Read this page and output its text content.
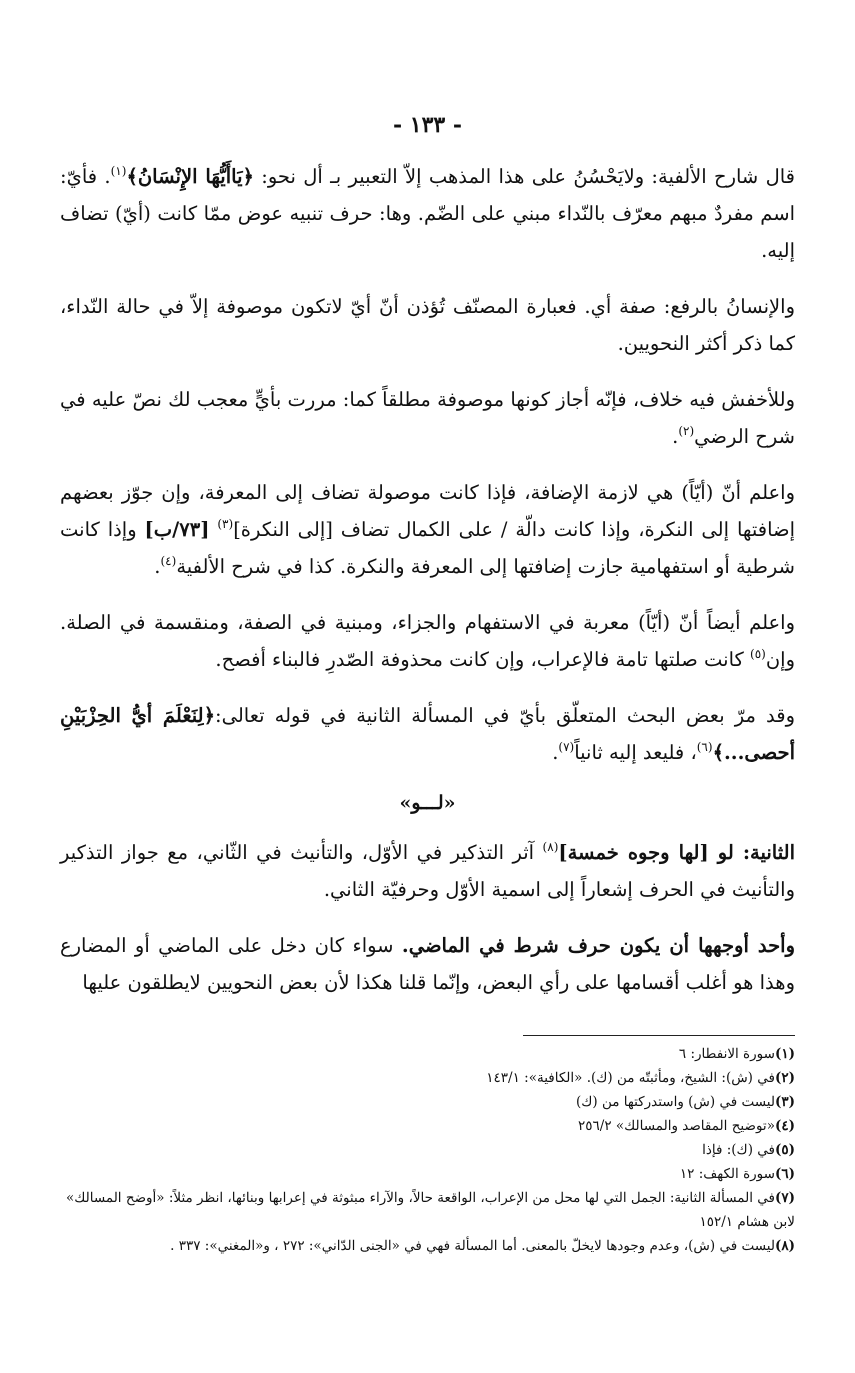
- ١٣٣ -

قال شارح الألفية: ولايَحْسُنُ على هذا المذهب إلاّ التعبير بـ أل نحو: ﴿يَاأَيُّهَا الإِنْسَانُ﴾$^{(١)}$. فأيّ: اسم مفردٌ مبهم معرّف بالنّداء مبني على الضّم. وها: حرف تنبيه عوض ممّا كانت (أيّ) تضاف إليه.

والإنسانُ بالرفع: صفة أي. فعبارة المصنّف تُؤذن أنّ أيّ لاتكون موصوفة إلاّ في حالة النّداء، كما ذكر أكثر النحويين.

وللأخفش فيه خلاف، فإنّه أجاز كونها موصوفة مطلقاً كما: مررت بأيٍّ معجب لك نصّ عليه في شرح الرضي$^{(٢)}$.

واعلم أنّ (أيّاً) هي لازمة الإضافة، فإذا كانت موصولة تضاف إلى المعرفة، وإن جوّز بعضهم إضافتها إلى النكرة، وإذا كانت دالّة / على الكمال تضاف [إلى النكرة]$^{(٣)}$ [٧٣/ب] وإذا كانت شرطية أو استفهامية جازت إضافتها إلى المعرفة والنكرة. كذا في شرح الألفية$^{(٤)}$.

واعلم أيضاً أنّ (أيّاً) معربة في الاستفهام والجزاء، ومبنية في الصفة، ومنقسمة في الصلة. وإن$^{(٥)}$ كانت صلتها تامة فالإعراب، وإن كانت محذوفة الصّدرِ فالبناء أفصح.

وقد مرّ بعض البحث المتعلّق بأيّ في المسألة الثانية في قوله تعالى:﴿لِنَعْلَمَ أيُّ الحِزْبَيْنِ أحصى...﴾$^{(٦)}$، فليعد إليه ثانياً$^{(٧)}$.

«لـــو»

الثانية: لو [لها وجوه خمسة]$^{(٨)}$ آثر التذكير في الأوّل، والتأنيث في الثّاني، مع جواز التذكير والتأنيث في الحرف إشعاراً إلى اسمية الأوّل وحرفيّة الثاني.

وأحد أوجهها أن يكون حرف شرط في الماضي. سواء كان دخل على الماضي أو المضارع وهذا هو أغلب أقسامها على رأي البعض، وإنّما قلنا هكذا لأن بعض النحويين لايطلقون عليها

(١)سورة الانفطار: ٦

(٢)في (ش): الشيخ، ومأثبتّه من (ك). «الكافية»: ١٤٣/١

(٣)ليست في (ش) واستدركتها من (ك)

(٤)«توضيح المقاصد والمسالك» ٢٥٦/٢

(٥)في (ك): فإذا

(٦)سورة الكهف: ١٢

(٧)في المسألة الثانية: الجمل التي لها محل من الإعراب، الواقعة حالاً، والآراء مبثوثة في إعرابها وبنائها، انظر مثلاً: «أوضح المسالك» لابن هشام ١٥٢/١

(٨)ليست في (ش)، وعدم وجودها لايخلّ بالمعنى. أما المسألة فهي في «الجنى الدّاني»: ٢٧٢ ، و«المغني»: ٣٣٧ .
